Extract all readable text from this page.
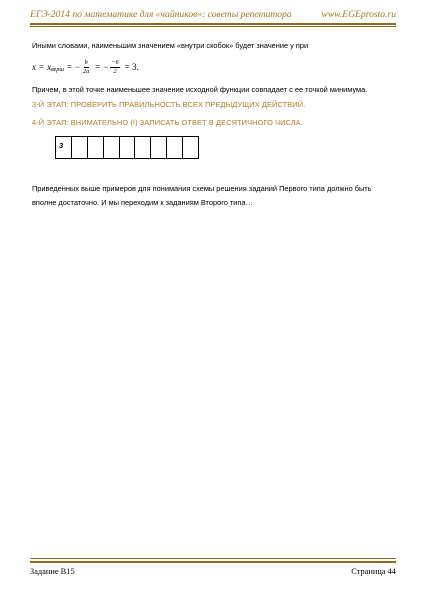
ЕГЭ-2014 по математике для «чайников»: советы репетитора	www.EGEprosto.ru
Иными словами, наименьшим значением «внутри скобок» будет значение у при
x = x верш = − $\frac{b}{2a}$ = − $\frac{-6}{2} = 3$.
Причем, в этой точке наименьшее значение исходной функции совпадает с ее точкой минимума.
3-Й ЭТАП: ПРОВЕРИТЬ ПРАВИЛЬНОСТЬ ВСЕХ ПРЕДЫДУЩИХ ДЕЙСТВИЙ.
4-Й ЭТАП: ВНИМАТЕЛЬНО (!) ЗАПИСАТЬ ОТВЕТ В ДЕСЯТИЧНОГО ЧИСЛА.
3
Приведенных выше примеров для понимания схемы решения заданий Первого типа должно быть
вполне достаточно. И мы переходим к заданиям Второго типа…
Задание B15	Страница 44
